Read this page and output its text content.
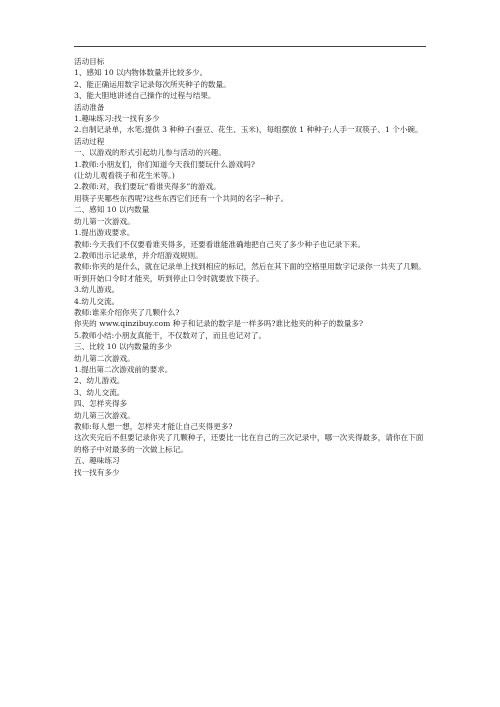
活动目标

1、感知 10 以内物体数量并比较多少。

2、能正确运用数字记录每次所夹种子的数量。

3、能大胆地讲述自己操作的过程与结果。

活动准备

1.趣味练习:找一找有多少

2.自制记录单，水笔;提供 3 种种子(蚕豆、花生、玉米)，每组摆放 1 种种子;人手一双筷子、1 个小碗。

活动过程

一、以游戏的形式引起幼儿参与活动的兴趣。

1.教师:小朋友们，你们知道今天我们要玩什么游戏吗?

(让幼儿观看筷子和花生米等。)

2.教师:对，我们要玩“看谁夹得多”的游戏。

用筷子夹哪些东西呢?这些东西它们还有一个共同的名字--种子。

二、感知 10 以内数量

幼儿第一次游戏。

1.提出游戏要求。

教师:今天我们不仅要看谁夹得多，还要看谁能准确地把自己夹了多少种子也记录下来。

2.教师出示记录单，并介绍游戏规则。

教师:你夹的是什么，就在记录单上找到相应的标记，然后在其下面的空格里用数字记录你一共夹了几颗。

听到开始口令时才能夹，听到停止口令时就要放下筷子。

3.幼儿游戏。

4.幼儿交流。

教师:谁来介绍你夹了几颗什么?

你夹的 www.qinzibuy.com 种子和记录的数字是一样多吗?谁比他夹的种子的数量多?

5.教师小结:小朋友真能干，不仅数对了，而且也记对了。

三、比较 10 以内数量的多少

幼儿第二次游戏。

1.提出第二次游戏前的要求。

2、幼儿游戏。

3、幼儿交流。

四、怎样夹得多

幼儿第三次游戏。

教师:每人想一想，怎样夹才能让自己夹得更多?

这次夹完后不但要记录你夹了几颗种子，还要比一比在自己的三次记录中，哪一次夹得最多，请你在下面的格子中对最多的一次做上标记。

五、趣味练习

找一找有多少
